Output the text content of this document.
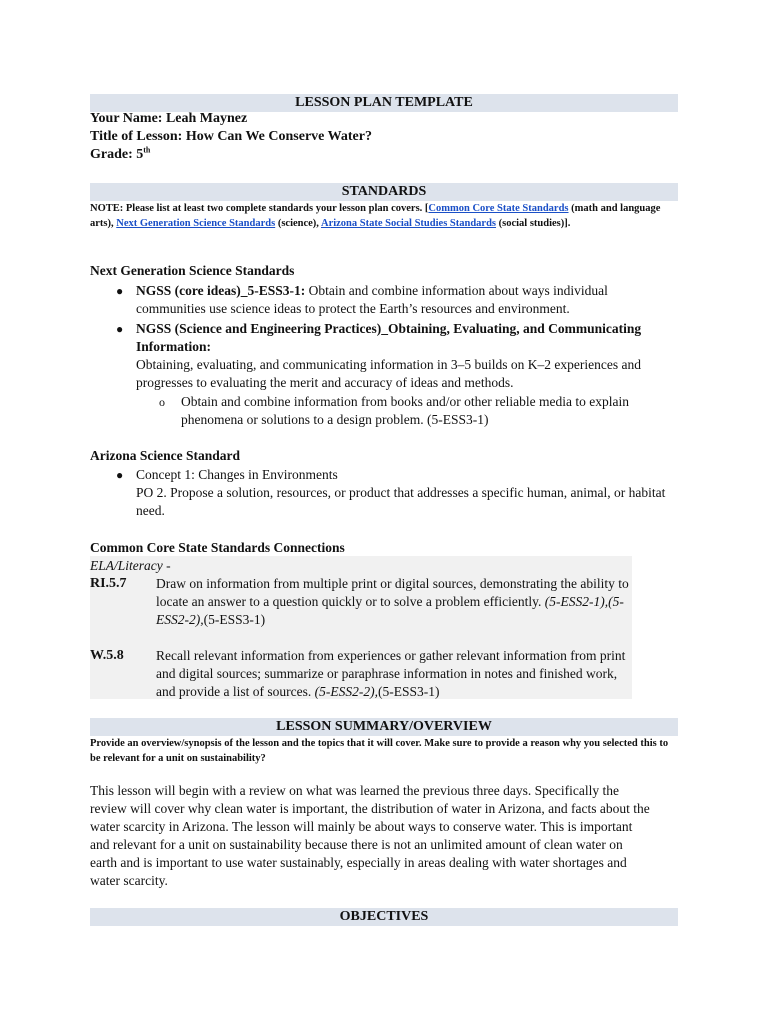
LESSON PLAN TEMPLATE
Your Name: Leah Maynez
Title of Lesson: How Can We Conserve Water?
Grade: 5th
STANDARDS
NOTE: Please list at least two complete standards your lesson plan covers. [Common Core State Standards (math and language arts), Next Generation Science Standards (science), Arizona State Social Studies Standards (social studies)].
Next Generation Science Standards
● NGSS (core ideas)_5-ESS3-1: Obtain and combine information about ways individual communities use science ideas to protect the Earth’s resources and environment.

● NGSS (Science and Engineering Practices)_Obtaining, Evaluating, and Communicating Information:

Obtaining, evaluating, and communicating information in 3–5 builds on K–2 experiences and progresses to evaluating the merit and accuracy of ideas and methods.

o Obtain and combine information from books and/or other reliable media to explain phenomena or solutions to a design problem. (5-ESS3-1)
Arizona Science Standard
● Concept 1: Changes in Environments

PO 2. Propose a solution, resources, or product that addresses a specific human, animal, or habitat need.

Common Core State Standards Connections
ELA/Literacy -
RI.5.7	Draw on information from multiple print or digital sources, demonstrating the ability to locate an answer to a question quickly or to solve a problem efficiently. (5-ESS2-1),(5-ESS2-2),(5-ESS3-1)
W.5.8	Recall relevant information from experiences or gather relevant information from print and digital sources; summarize or paraphrase information in notes and finished work, and provide a list of sources. (5-ESS2-2),(5-ESS3-1)
LESSON SUMMARY/OVERVIEW
Provide an overview/synopsis of the lesson and the topics that it will cover. Make sure to provide a reason why you selected this to be relevant for a unit on sustainability?
This lesson will begin with a review on what was learned the previous three days. Specifically the review will cover why clean water is important, the distribution of water in Arizona, and facts about the water scarcity in Arizona. The lesson will mainly be about ways to conserve water. This is important and relevant for a unit on sustainability because there is not an unlimited amount of clean water on earth and is important to use water sustainably, especially in areas dealing with water shortages and water scarcity.
OBJECTIVES
